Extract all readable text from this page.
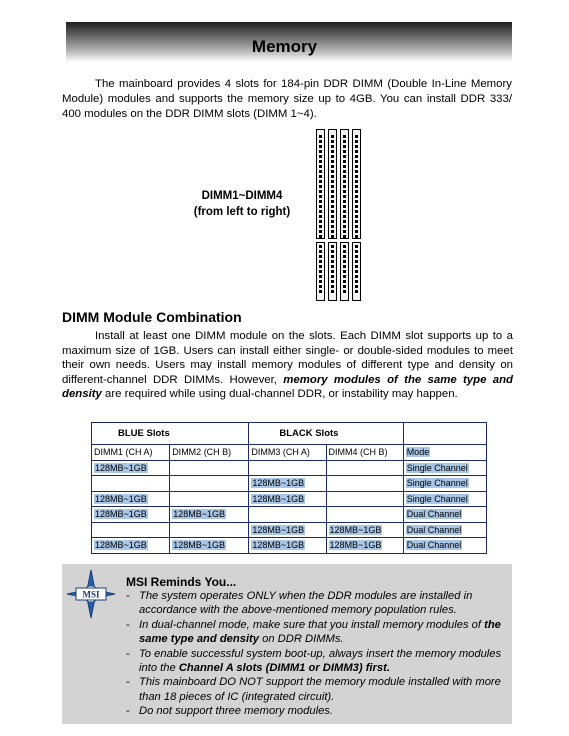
Memory

The mainboard provides 4 slots for 184-pin DDR DIMM (Double In-Line Memory Module) modules and supports the memory size up to 4GB. You can install DDR 333/ 400 modules on the DDR DIMM slots (DIMM 1~4).

DIMM1~DIMM4
(from left to right)
DIMM Module Combination

Install at least one DIMM module on the slots. Each DIMM slot supports up to a maximum size of 1GB. Users can install either single- or double-sided modules to meet their own needs. Users may install memory modules of different type and density on different-channel DDR DIMMs. However, memory modules of the same type and density are required while using dual-channel DDR, or instability may happen.

BLUE Slots		BLACK Slots		
DIMM1 (CH A)	DIMM2 (CH B)	DIMM3 (CH A)	DIMM4 (CH B)	Mode
128MB~1GB				Single Channel
		128MB~1GB		Single Channel
128MB~1GB		128MB~1GB		Single Channel
128MB~1GB	128MB~1GB			Dual Channel
		128MB~1GB	128MB~1GB	Dual Channel
128MB~1GB	128MB~1GB	128MB~1GB	128MB~1GB	Dual Channel
MSI
MSI Reminds You...
- The system operates ONLY when the DDR modules are installed in accordance with the above-mentioned memory population rules.
- In dual-channel mode, make sure that you install memory modules of the same type and density on DDR DIMMs.
- To enable successful system boot-up, always insert the memory modules into the Channel A slots (DIMM1 or DIMM3) first.
- This mainboard DO NOT support the memory module installed with more than 18 pieces of IC (integrated circuit).
- Do not support three memory modules.
